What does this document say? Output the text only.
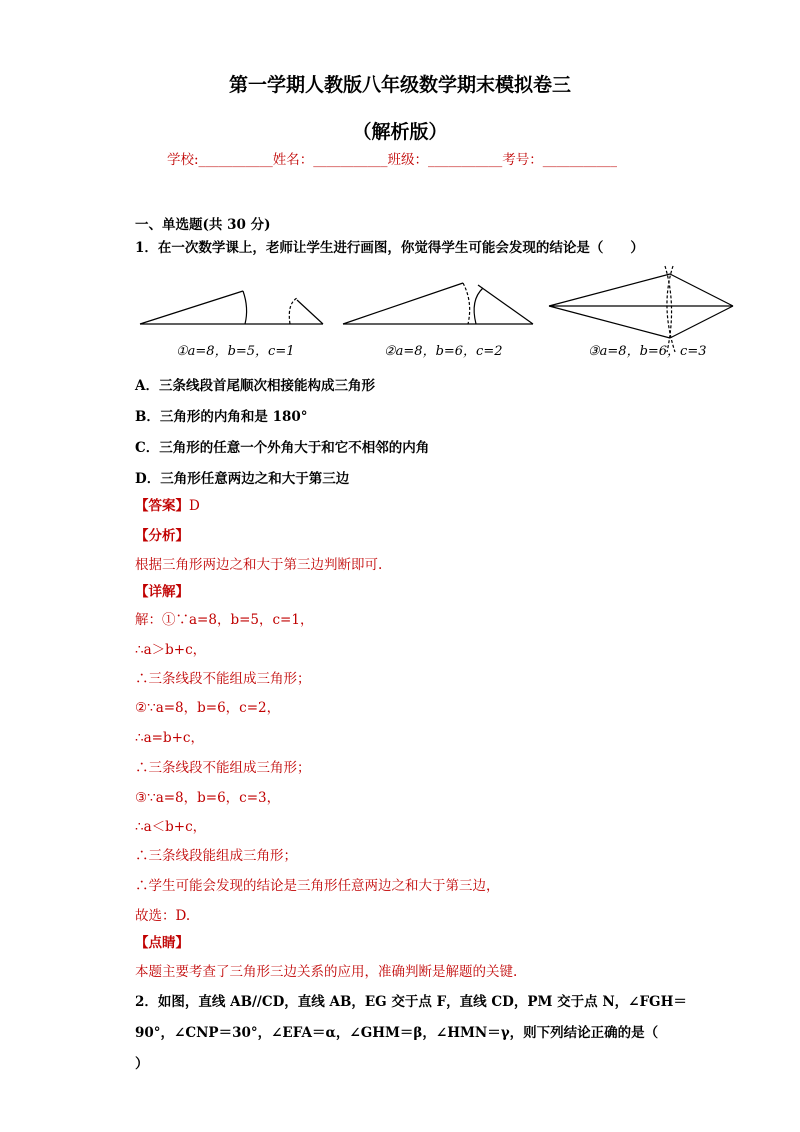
第一学期人教版八年级数学期末模拟卷三
（解析版）
学校:___________姓名：___________班级：___________考号：___________
一、单选题(共 30 分)
1．在一次数学课上，老师让学生进行画图，你觉得学生可能会发现的结论是（　　）
①a=8，b=5，c=1	②a=8，b=6，c=2	③a=8，b=6，c=3
A．三条线段首尾顺次相接能构成三角形
B．三角形的内角和是 180°
C．三角形的任意一个外角大于和它不相邻的内角
D．三角形任意两边之和大于第三边
【答案】D
【分析】
根据三角形两边之和大于第三边判断即可.
【详解】
解：①∵a=8，b=5，c=1，
∴a＞b+c，
∴三条线段不能组成三角形；
②∵a=8，b=6，c=2，
∴a=b+c，
∴三条线段不能组成三角形；
③∵a=8，b=6，c=3，
∴a＜b+c，
∴三条线段能组成三角形；
∴学生可能会发现的结论是三角形任意两边之和大于第三边，
故选：D.
【点睛】
本题主要考查了三角形三边关系的应用，准确判断是解题的关键.
2．如图，直线 AB//CD，直线 AB，EG 交于点 F，直线 CD，PM 交于点 N，∠FGH＝
90°，∠CNP＝30°，∠EFA＝α，∠GHM＝β，∠HMN＝γ，则下列结论正确的是（
）
